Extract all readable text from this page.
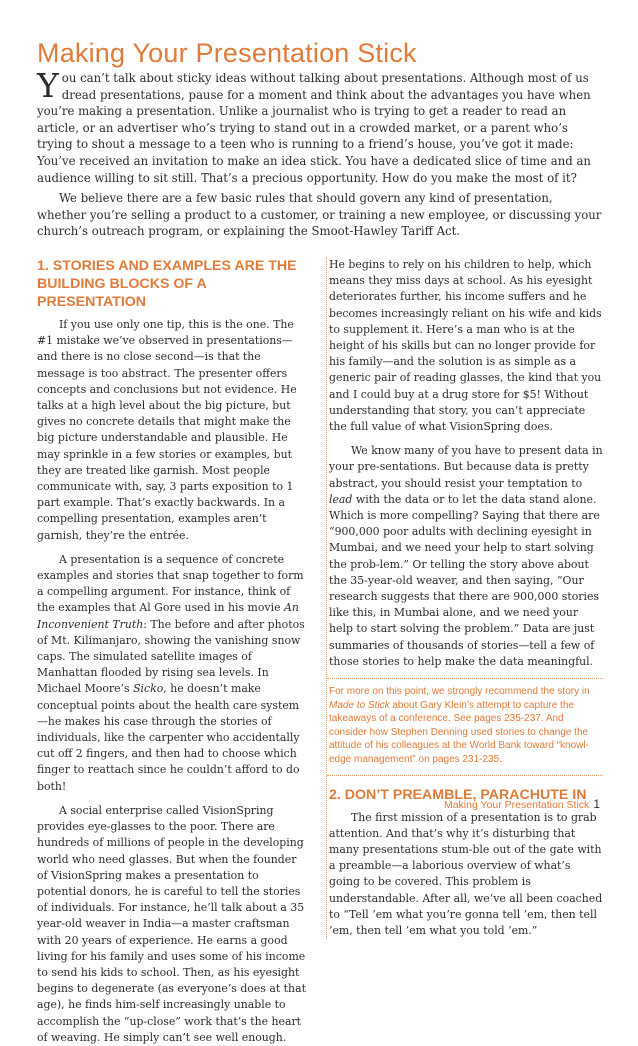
Making Your Presentation Stick

You can’t talk about sticky ideas without talking about presentations. Although most of us dread presentations, pause for a moment and think about the advantages you have when you’re making a presentation. Unlike a journalist who is trying to get a reader to read an article, or an advertiser who’s trying to stand out in a crowded market, or a parent who’s trying to shout a message to a teen who is running to a friend’s house, you’ve got it made: You’ve received an invitation to make an idea stick. You have a dedicated slice of time and an audience willing to sit still. That’s a precious opportunity. How do you make the most of it?

We believe there are a few basic rules that should govern any kind of presentation, whether you’re selling a product to a customer, or training a new employee, or discussing your church’s outreach program, or explaining the Smoot-Hawley Tariff Act.

1. STORIES AND EXAMPLES ARE THE BUILDING BLOCKS OF A PRESENTATION

If you use only one tip, this is the one. The #1 mistake we’ve observed in presentations—and there is no close second—is that the message is too abstract. The presenter offers concepts and conclusions but not evidence. He talks at a high level about the big picture, but gives no concrete details that might make the big picture understandable and plausible. He may sprinkle in a few stories or examples, but they are treated like garnish. Most people communicate with, say, 3 parts exposition to 1 part example. That’s exactly backwards. In a compelling presentation, examples aren’t garnish, they’re the entrée.

A presentation is a sequence of concrete examples and stories that snap together to form a compelling argument. For instance, think of the examples that Al Gore used in his movie An Inconvenient Truth: The before and after photos of Mt. Kilimanjaro, showing the vanishing snow caps. The simulated satellite images of Manhattan flooded by rising sea levels. In Michael Moore’s Sicko, he doesn’t make conceptual points about the health care system—he makes his case through the stories of individuals, like the carpenter who accidentally cut off 2 fingers, and then had to choose which finger to reattach since he couldn’t afford to do both!

A social enterprise called VisionSpring provides eye-glasses to the poor. There are hundreds of millions of people in the developing world who need glasses. But when the founder of VisionSpring makes a presentation to potential donors, he is careful to tell the stories of individuals. For instance, he’ll talk about a 35 year-old weaver in India—a master craftsman with 20 years of experience. He earns a good living for his family and uses some of his income to send his kids to school. Then, as his eyesight begins to degenerate (as everyone’s does at that age), he finds him-self increasingly unable to accomplish the “up-close” work that’s the heart of weaving. He simply can’t see well enough.

He begins to rely on his children to help, which means they miss days at school. As his eyesight deteriorates further, his income suffers and he becomes increasingly reliant on his wife and kids to supplement it. Here’s a man who is at the height of his skills but can no longer provide for his family—and the solution is as simple as a generic pair of reading glasses, the kind that you and I could buy at a drug store for $5! Without understanding that story, you can’t appreciate the full value of what VisionSpring does.

We know many of you have to present data in your pre-sentations. But because data is pretty abstract, you should resist your temptation to lead with the data or to let the data stand alone. Which is more compelling? Saying that there are “900,000 poor adults with declining eyesight in Mumbai, and we need your help to start solving the prob-lem.” Or telling the story above about the 35-year-old weaver, and then saying, “Our research suggests that there are 900,000 stories like this, in Mumbai alone, and we need your help to start solving the problem.” Data are just summaries of thousands of stories—tell a few of those stories to help make the data meaningful.

For more on this point, we strongly recommend the story in Made to Stick about Gary Klein’s attempt to capture the takeaways of a conference. See pages 235-237. And consider how Stephen Denning used stories to change the attitude of his colleagues at the World Bank toward “knowl-edge management” on pages 231-235.
2. DON’T PREAMBLE, PARACHUTE IN

The first mission of a presentation is to grab attention. And that’s why it’s disturbing that many presentations stum-ble out of the gate with a preamble—a laborious overview of what’s going to be covered. This problem is understandable. After all, we’ve all been coached to “Tell ’em what you’re gonna tell ’em, then tell ’em, then tell ’em what you told ’em.”

Making Your Presentation Stick 1
